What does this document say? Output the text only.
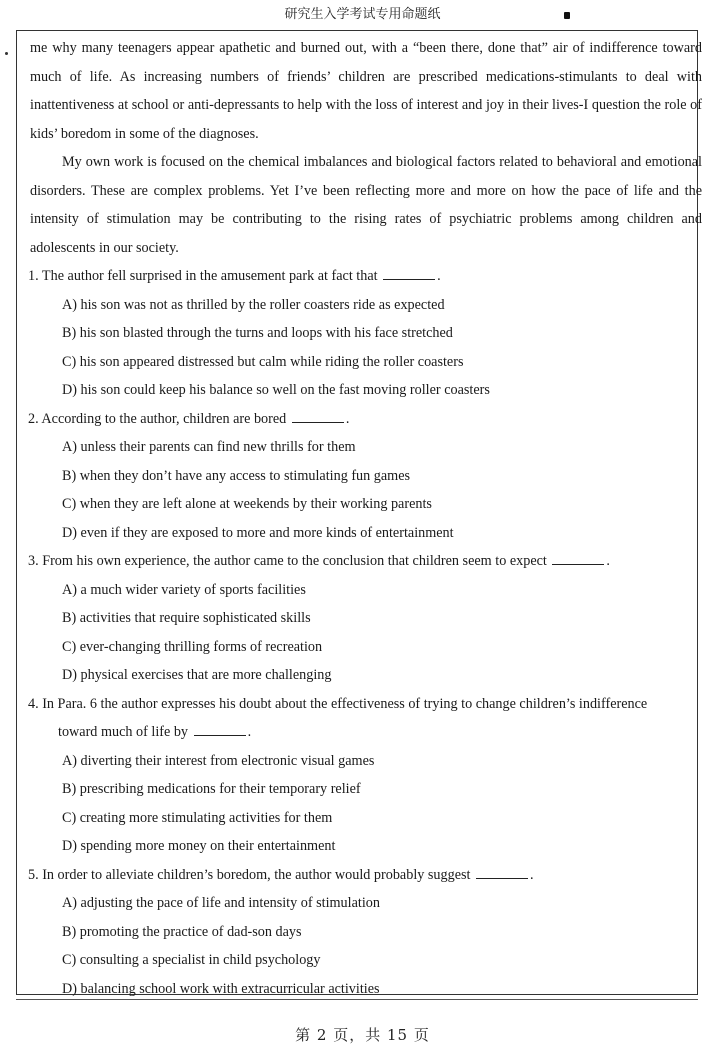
研究生入学考试专用命题纸

me why many teenagers appear apathetic and burned out, with a “been there, done that” air of indifference toward much of life. As increasing numbers of friends’ children are prescribed medications-stimulants to deal with inattentiveness at school or anti-depressants to help with the loss of interest and joy in their lives-I question the role of kids’ boredom in some of the diagnoses.

My own work is focused on the chemical imbalances and biological factors related to behavioral and emotional disorders. These are complex problems. Yet I’ve been reflecting more and more on how the pace of life and the intensity of stimulation may be contributing to the rising rates of psychiatric problems among children and adolescents in our society.

1. The author fell surprised in the amusement park at fact that	.

A) his son was not as thrilled by the roller coasters ride as expected

B) his son blasted through the turns and loops with his face stretched

C) his son appeared distressed but calm while riding the roller coasters

D) his son could keep his balance so well on the fast moving roller coasters

2. According to the author, children are bored	.

A) unless their parents can find new thrills for them

B) when they don’t have any access to stimulating fun games

C) when they are left alone at weekends by their working parents

D) even if they are exposed to more and more kinds of entertainment

3. From his own experience, the author came to the conclusion that children seem to expect	.

A) a much wider variety of sports facilities

B) activities that require sophisticated skills

C) ever-changing thrilling forms of recreation

D) physical exercises that are more challenging

4. In Para. 6 the author expresses his doubt about the effectiveness of trying to change children’s indifference

toward much of life by	.

A) diverting their interest from electronic visual games

B) prescribing medications for their temporary relief

C) creating more stimulating activities for them

D) spending more money on their entertainment

5. In order to alleviate children’s boredom, the author would probably suggest	.

A) adjusting the pace of life and intensity of stimulation

B) promoting the practice of dad-son days

C) consulting a specialist in child psychology

D) balancing school work with extracurricular activities

第 2 页，共 15 页
